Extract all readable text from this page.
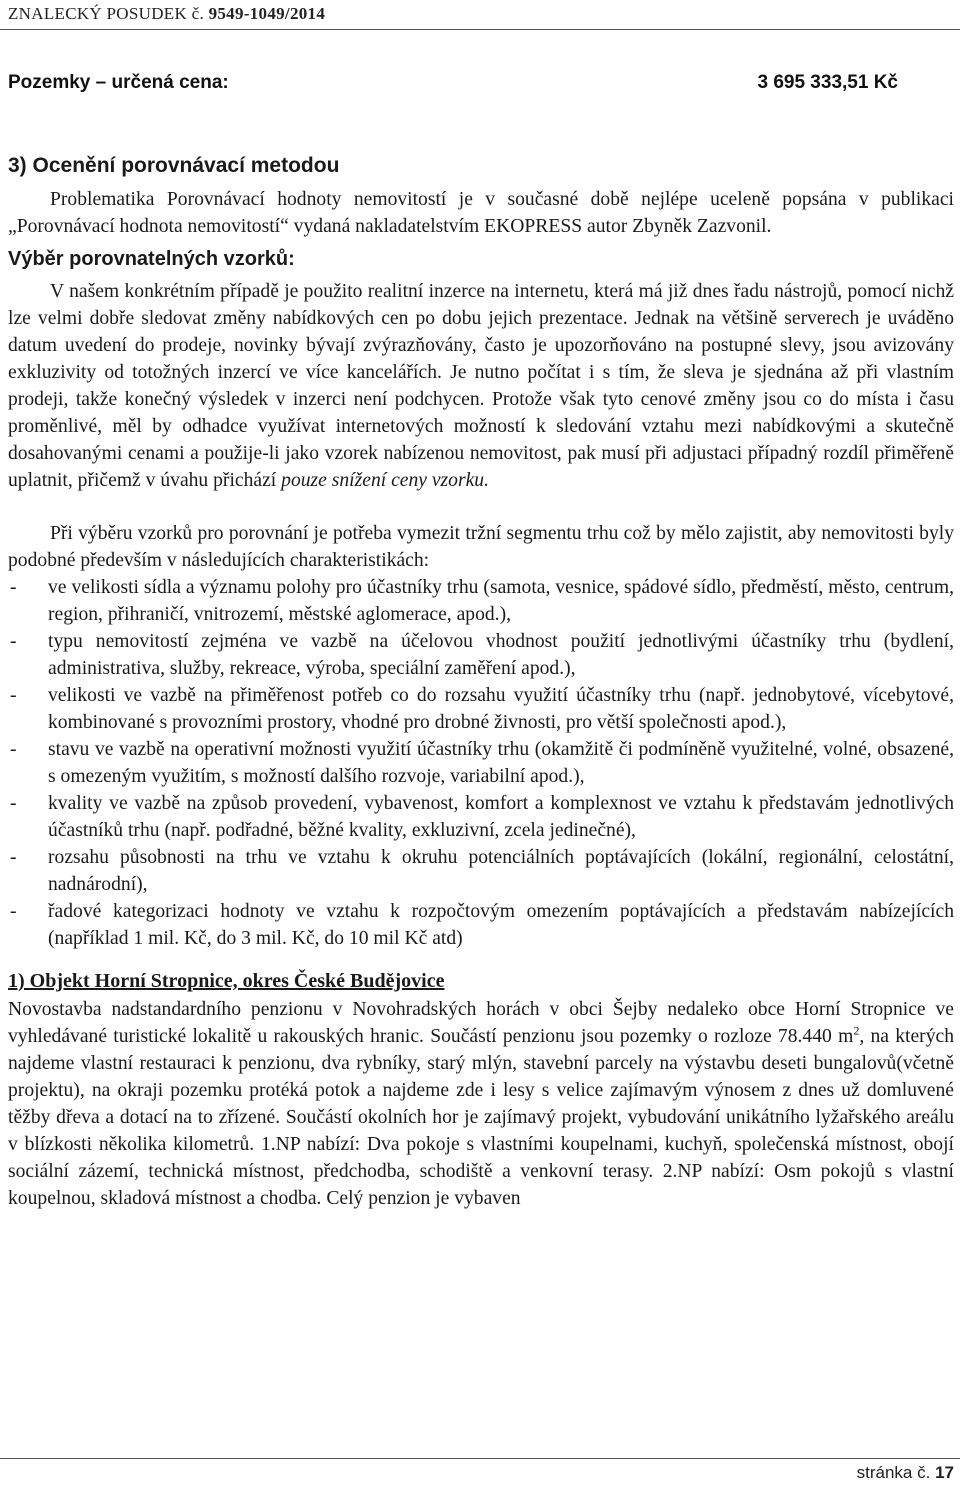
ZNALECKÝ POSUDEK č. 9549-1049/2014
Pozemky – určená cena:	3 695 333,51 Kč
3) Ocenění porovnávací metodou

Problematika Porovnávací hodnoty nemovitostí je v současné době nejlépe uceleně popsána v publikaci „Porovnávací hodnota nemovitostí“ vydaná nakladatelstvím EKOPRESS autor Zbyněk Zazvonil.

Výběr porovnatelných vzorků:

V našem konkrétním případě je použito realitní inzerce na internetu, která má již dnes řadu nástrojů, pomocí nichž lze velmi dobře sledovat změny nabídkových cen po dobu jejich prezentace. Jednak na většině serverech je uváděno datum uvedení do prodeje, novinky bývají zvýrazňovány, často je upozorňováno na postupné slevy, jsou avizovány exkluzivity od totožných inzercí ve více kancelářích. Je nutno počítat i s tím, že sleva je sjednána až při vlastním prodeji, takže konečný výsledek v inzerci není podchycen. Protože však tyto cenové změny jsou co do místa i času proměnlivé, měl by odhadce využívat internetových možností k sledování vztahu mezi nabídkovými a skutečně dosahovanými cenami a použije-li jako vzorek nabízenou nemovitost, pak musí při adjustaci případný rozdíl přiměřeně uplatnit, přičemž v úvahu přichází pouze snížení ceny vzorku.

Při výběru vzorků pro porovnání je potřeba vymezit tržní segmentu trhu což by mělo zajistit, aby nemovitosti byly podobné především v následujících charakteristikách:

- ve velikosti sídla a významu polohy pro účastníky trhu (samota, vesnice, spádové sídlo, předměstí, město, centrum, region, přihraničí, vnitrozemí, městské aglomerace, apod.),
- typu nemovitostí zejména ve vazbě na účelovou vhodnost použití jednotlivými účastníky trhu (bydlení, administrativa, služby, rekreace, výroba, speciální zaměření apod.),
- velikosti ve vazbě na přiměřenost potřeb co do rozsahu využití účastníky trhu (např. jednobytové, vícebytové, kombinované s provozními prostory, vhodné pro drobné živnosti, pro větší společnosti apod.),
- stavu ve vazbě na operativní možnosti využití účastníky trhu (okamžitě či podmíněně využitelné, volné, obsazené, s omezeným využitím, s možností dalšího rozvoje, variabilní apod.),
- kvality ve vazbě na způsob provedení, vybavenost, komfort a komplexnost ve vztahu k představám jednotlivých účastníků trhu (např. podřadné, běžné kvality, exkluzivní, zcela jedinečné),
- rozsahu působnosti na trhu ve vztahu k okruhu potenciálních poptávajících (lokální, regionální, celostátní, nadnárodní),
- řadové kategorizaci hodnoty ve vztahu k rozpočtovým omezením poptávajících a představám nabízejících (například 1 mil. Kč, do 3 mil. Kč, do 10 mil Kč atd)
1) Objekt Horní Stropnice, okres České Budějovice

Novostavba nadstandardního penzionu v Novohradských horách v obci Šejby nedaleko obce Horní Stropnice ve vyhledávané turistické lokalitě u rakouských hranic. Součástí penzionu jsou pozemky o rozloze 78.440 $m^2$, na kterých najdeme vlastní restauraci k penzionu, dva rybníky, starý mlýn, stavební parcely na výstavbu deseti bungalovů(včetně projektu), na okraji pozemku protéká potok a najdeme zde i lesy s velice zajímavým výnosem z dnes už domluvené těžby dřeva a dotací na to zřízené. Součástí okolních hor je zajímavý projekt, vybudování unikátního lyžařského areálu v blízkosti několika kilometrů. 1.NP nabízí: Dva pokoje s vlastními koupelnami, kuchyň, společenská místnost, obojí sociální zázemí, technická místnost, předchodba, schodiště a venkovní terasy. 2.NP nabízí: Osm pokojů s vlastní koupelnou, skladová místnost a chodba. Celý penzion je vybaven

stránka č. 17
